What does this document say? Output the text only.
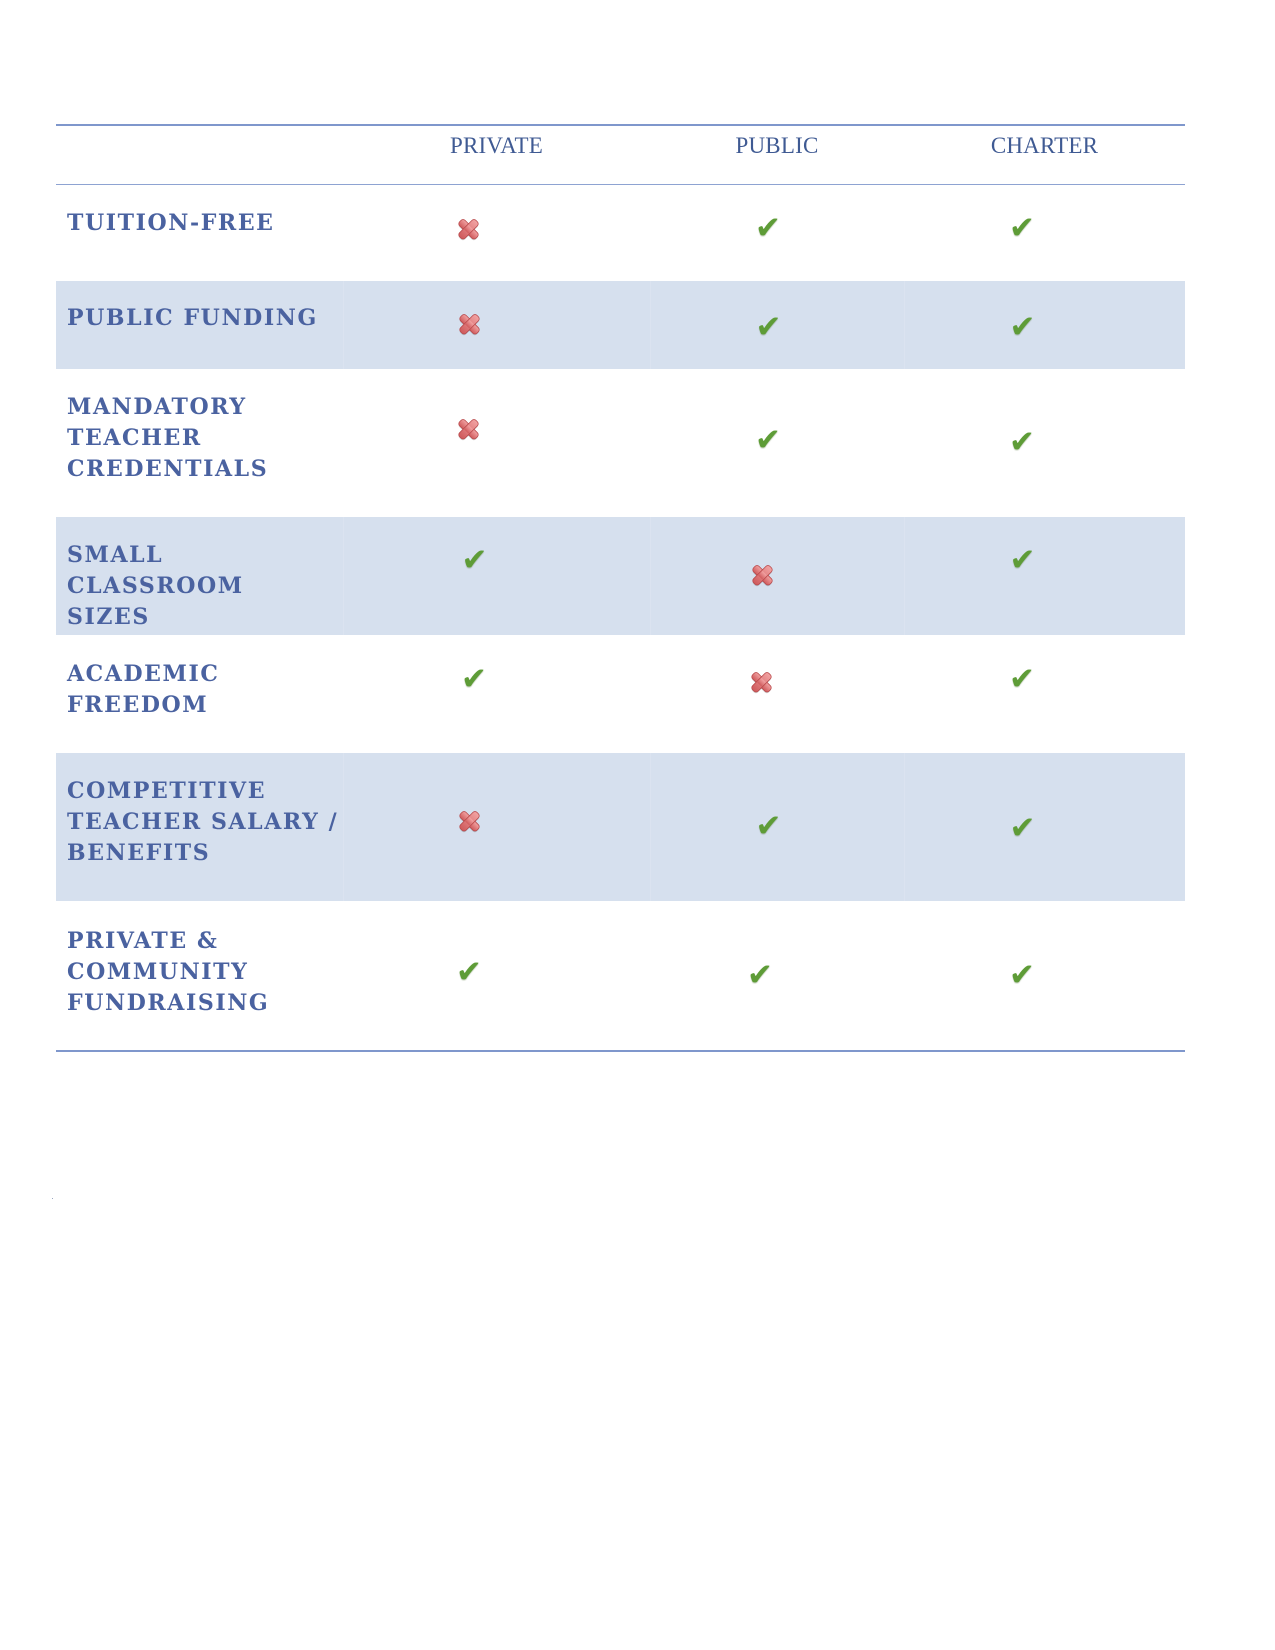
	PRIVATE	PUBLIC	CHARTER

TUITION-FREE		✔	✔

PUBLIC FUNDING		✔	✔

MANDATORY
TEACHER
CREDENTIALS		✔	✔

SMALL CLASSROOM
SIZES	✔		✔

ACADEMIC
FREEDOM	✔		✔

COMPETITIVE
TEACHER SALARY /
BENEFITS		✔	✔

PRIVATE &
COMMUNITY
FUNDRAISING	✔	✔	✔
